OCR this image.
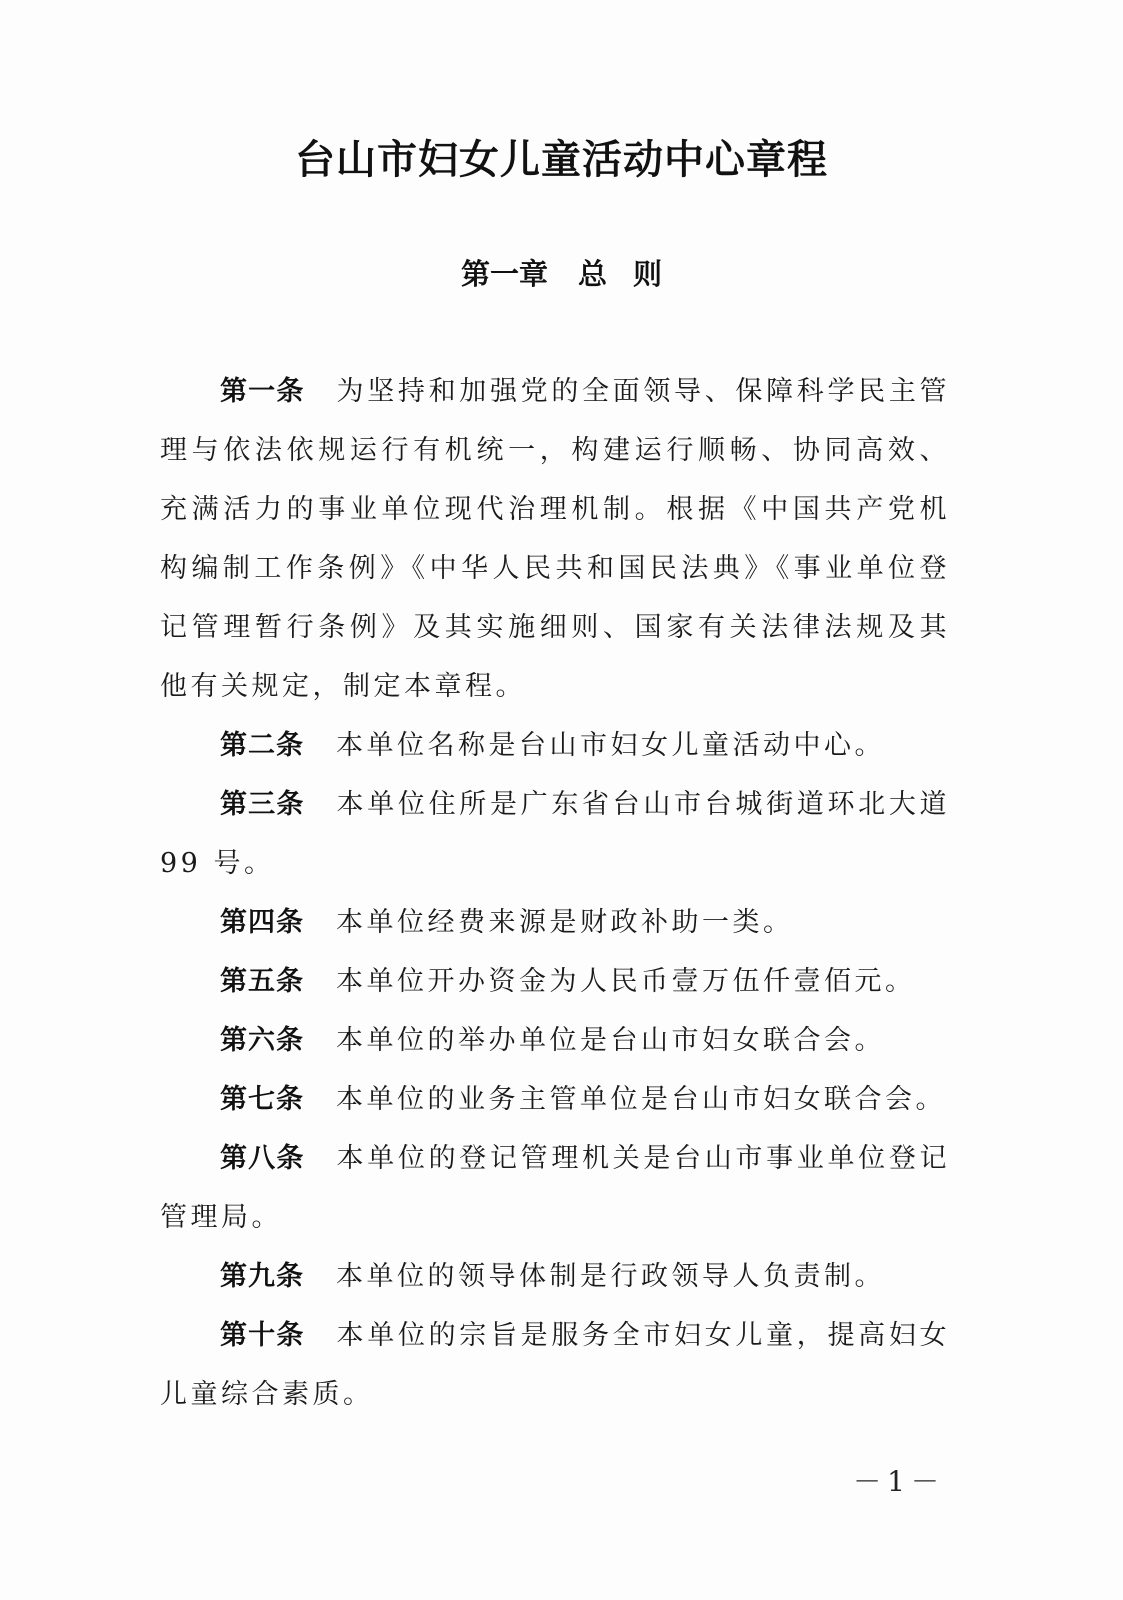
台山市妇女儿童活动中心章程
第一章 总 则

第一条 为坚持和加强党的全面领导、保障科学民主管理与依法依规运行有机统一，构建运行顺畅、协同高效、充满活力的事业单位现代治理机制。根据《中国共产党机构编制工作条例》《中华人民共和国民法典》《事业单位登记管理暂行条例》及其实施细则、国家有关法律法规及其他有关规定，制定本章程。

第二条 本单位名称是台山市妇女儿童活动中心。

第三条 本单位住所是广东省台山市台城街道环北大道 99 号。

第四条 本单位经费来源是财政补助一类。

第五条 本单位开办资金为人民币壹万伍仟壹佰元。

第六条 本单位的举办单位是台山市妇女联合会。

第七条 本单位的业务主管单位是台山市妇女联合会。

第八条 本单位的登记管理机关是台山市事业单位登记管理局。

第九条 本单位的领导体制是行政领导人负责制。

第十条 本单位的宗旨是服务全市妇女儿童，提高妇女儿童综合素质。

－1－
